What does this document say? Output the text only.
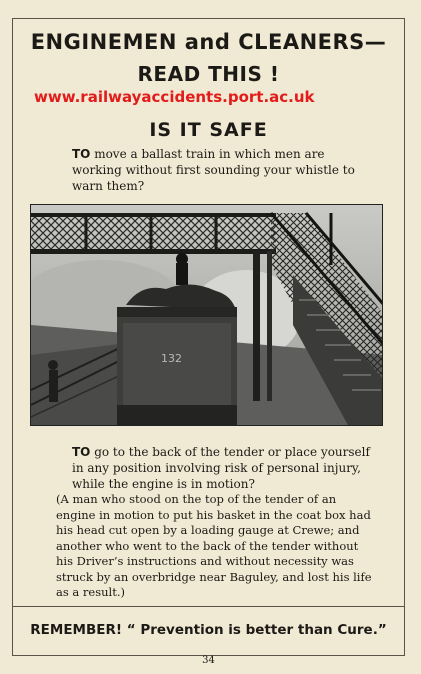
ENGINEMEN and CLEANERS—
READ THIS !
www.railwayaccidents.port.ac.uk
IS IT SAFE
TO move a ballast train in which men are working without first sounding your whistle to warn them?
132
TO go to the back of the tender or place yourself in any position involving risk of personal injury, while the engine is in motion?
(A man who stood on the top of the tender of an engine in motion to put his basket in the coat box had his head cut open by a loading gauge at Crewe; and another who went to the back of the tender without his Driver’s instructions and without necessity was struck by an overbridge near Baguley, and lost his life as a result.)
REMEMBER! “ Prevention is better than Cure.”
34
